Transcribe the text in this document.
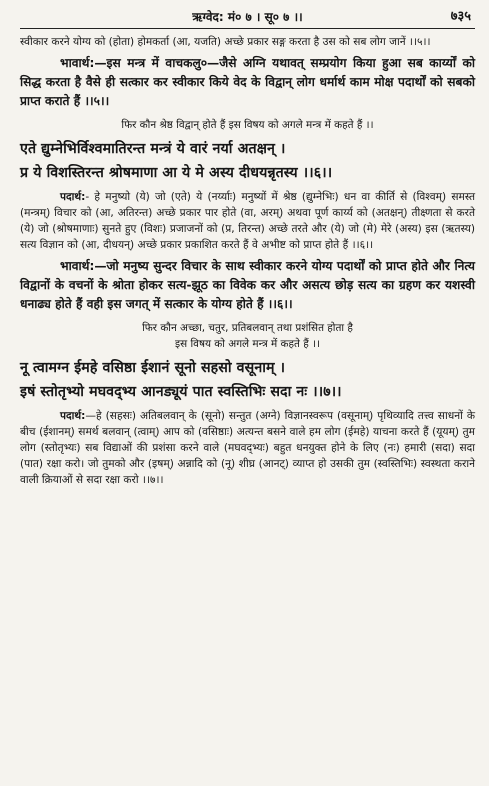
ऋग्वेद: मं० ७ । सू० ७ ।।	७३५

स्वीकार करने योग्य को (होता) होमकर्ता (आ, यजति) अच्छे प्रकार सङ्ग करता है उस को सब लोग जानें ।।५।।

भावार्थ:—इस मन्त्र में वाचकलु०—जैसे अग्नि यथावत् सम्प्रयोग किया हुआ सब कार्य्यों को सिद्ध करता है वैसे ही सत्कार कर स्वीकार किये वेद के विद्वान् लोग धर्मार्थ काम मोक्ष पदार्थों को सबको प्राप्त कराते हैं ।।५।।

फिर कौन श्रेष्ठ विद्वान् होते हैं इस विषय को अगले मन्त्र में कहते हैं ।।

एते द्युम्नेभिर्विश्वमातिरन्त मन्त्रं ये वारं नर्या अतक्षन् ।

प्र ये विशस्तिरन्त श्रोषमाणा आ ये मे अस्य दीधयन्नृतस्य ।।६।।

पदार्थ:- हे मनुष्यो (ये) जो (एते) ये (नर्य्याः) मनुष्यों में श्रेष्ठ (द्युम्नेभिः) धन वा कीर्ति से (विश्वम्) समस्त (मन्त्रम्) विचार को (आ, अतिरन्त) अच्छे प्रकार पार होते (वा, अरम्) अथवा पूर्ण कार्य्य को (अतक्षन्) तीक्ष्णता से करते (ये) जो (श्रोषमाणाः) सुनते हुए (विशः) प्रजाजनों को (प्र, तिरन्त) अच्छे तरते और (ये) जो (मे) मेरे (अस्य) इस (ऋतस्य) सत्य विज्ञान को (आ, दीधयन्) अच्छे प्रकार प्रकाशित करते हैं वे अभीष्ट को प्राप्त होते हैं ।।६।।

भावार्थ:—जो मनुष्य सुन्दर विचार के साथ स्वीकार करने योग्य पदार्थों को प्राप्त होते और नित्य विद्वानों के वचनों के श्रोता होकर सत्य-झूठ का विवेक कर और असत्य छोड़ सत्य का ग्रहण कर यशस्वी धनाढ्य होते हैं वही इस जगत् में सत्कार के योग्य होते हैं ।।६।।

फिर कौन अच्छा, चतुर, प्रतिबलवान् तथा प्रशंसित होता है

इस विषय को अगले मन्त्र में कहते हैं ।।

नू त्वामग्न ईमहे वसिष्ठा ईशानं सूनो सहसो वसूनाम् ।

इषं स्तोतृभ्यो मघवद्भ्य आनड्यूयं पात स्वस्तिभिः सदा नः ।।७।।

पदार्थ:—हे (सहसः) अतिबलवान् के (सूनो) सन्तुत (अग्ने) विज्ञानस्वरूप (वसूनाम्) पृथिव्यादि तत्त्व साधनों के बीच (ईशानम्) समर्थ बलवान् (त्वाम्) आप को (वसिष्ठाः) अत्यन्त बसने वाले हम लोग (ईमहे) याचना करते हैं (यूयम्) तुम लोग (स्तोतृभ्यः) सब विद्याओं की प्रशंसा करने वाले (मघवद्भ्यः) बहुत धनयुक्त होने के लिए (नः) हमारी (सदा) सदा (पात) रक्षा करो। जो तुमको और (इषम्) अन्नादि को (नू) शीघ्र (आनट्) व्याप्त हो उसकी तुम (स्वस्तिभिः) स्वस्थता कराने वाली क्रियाओं से सदा रक्षा करो ।।७।।
